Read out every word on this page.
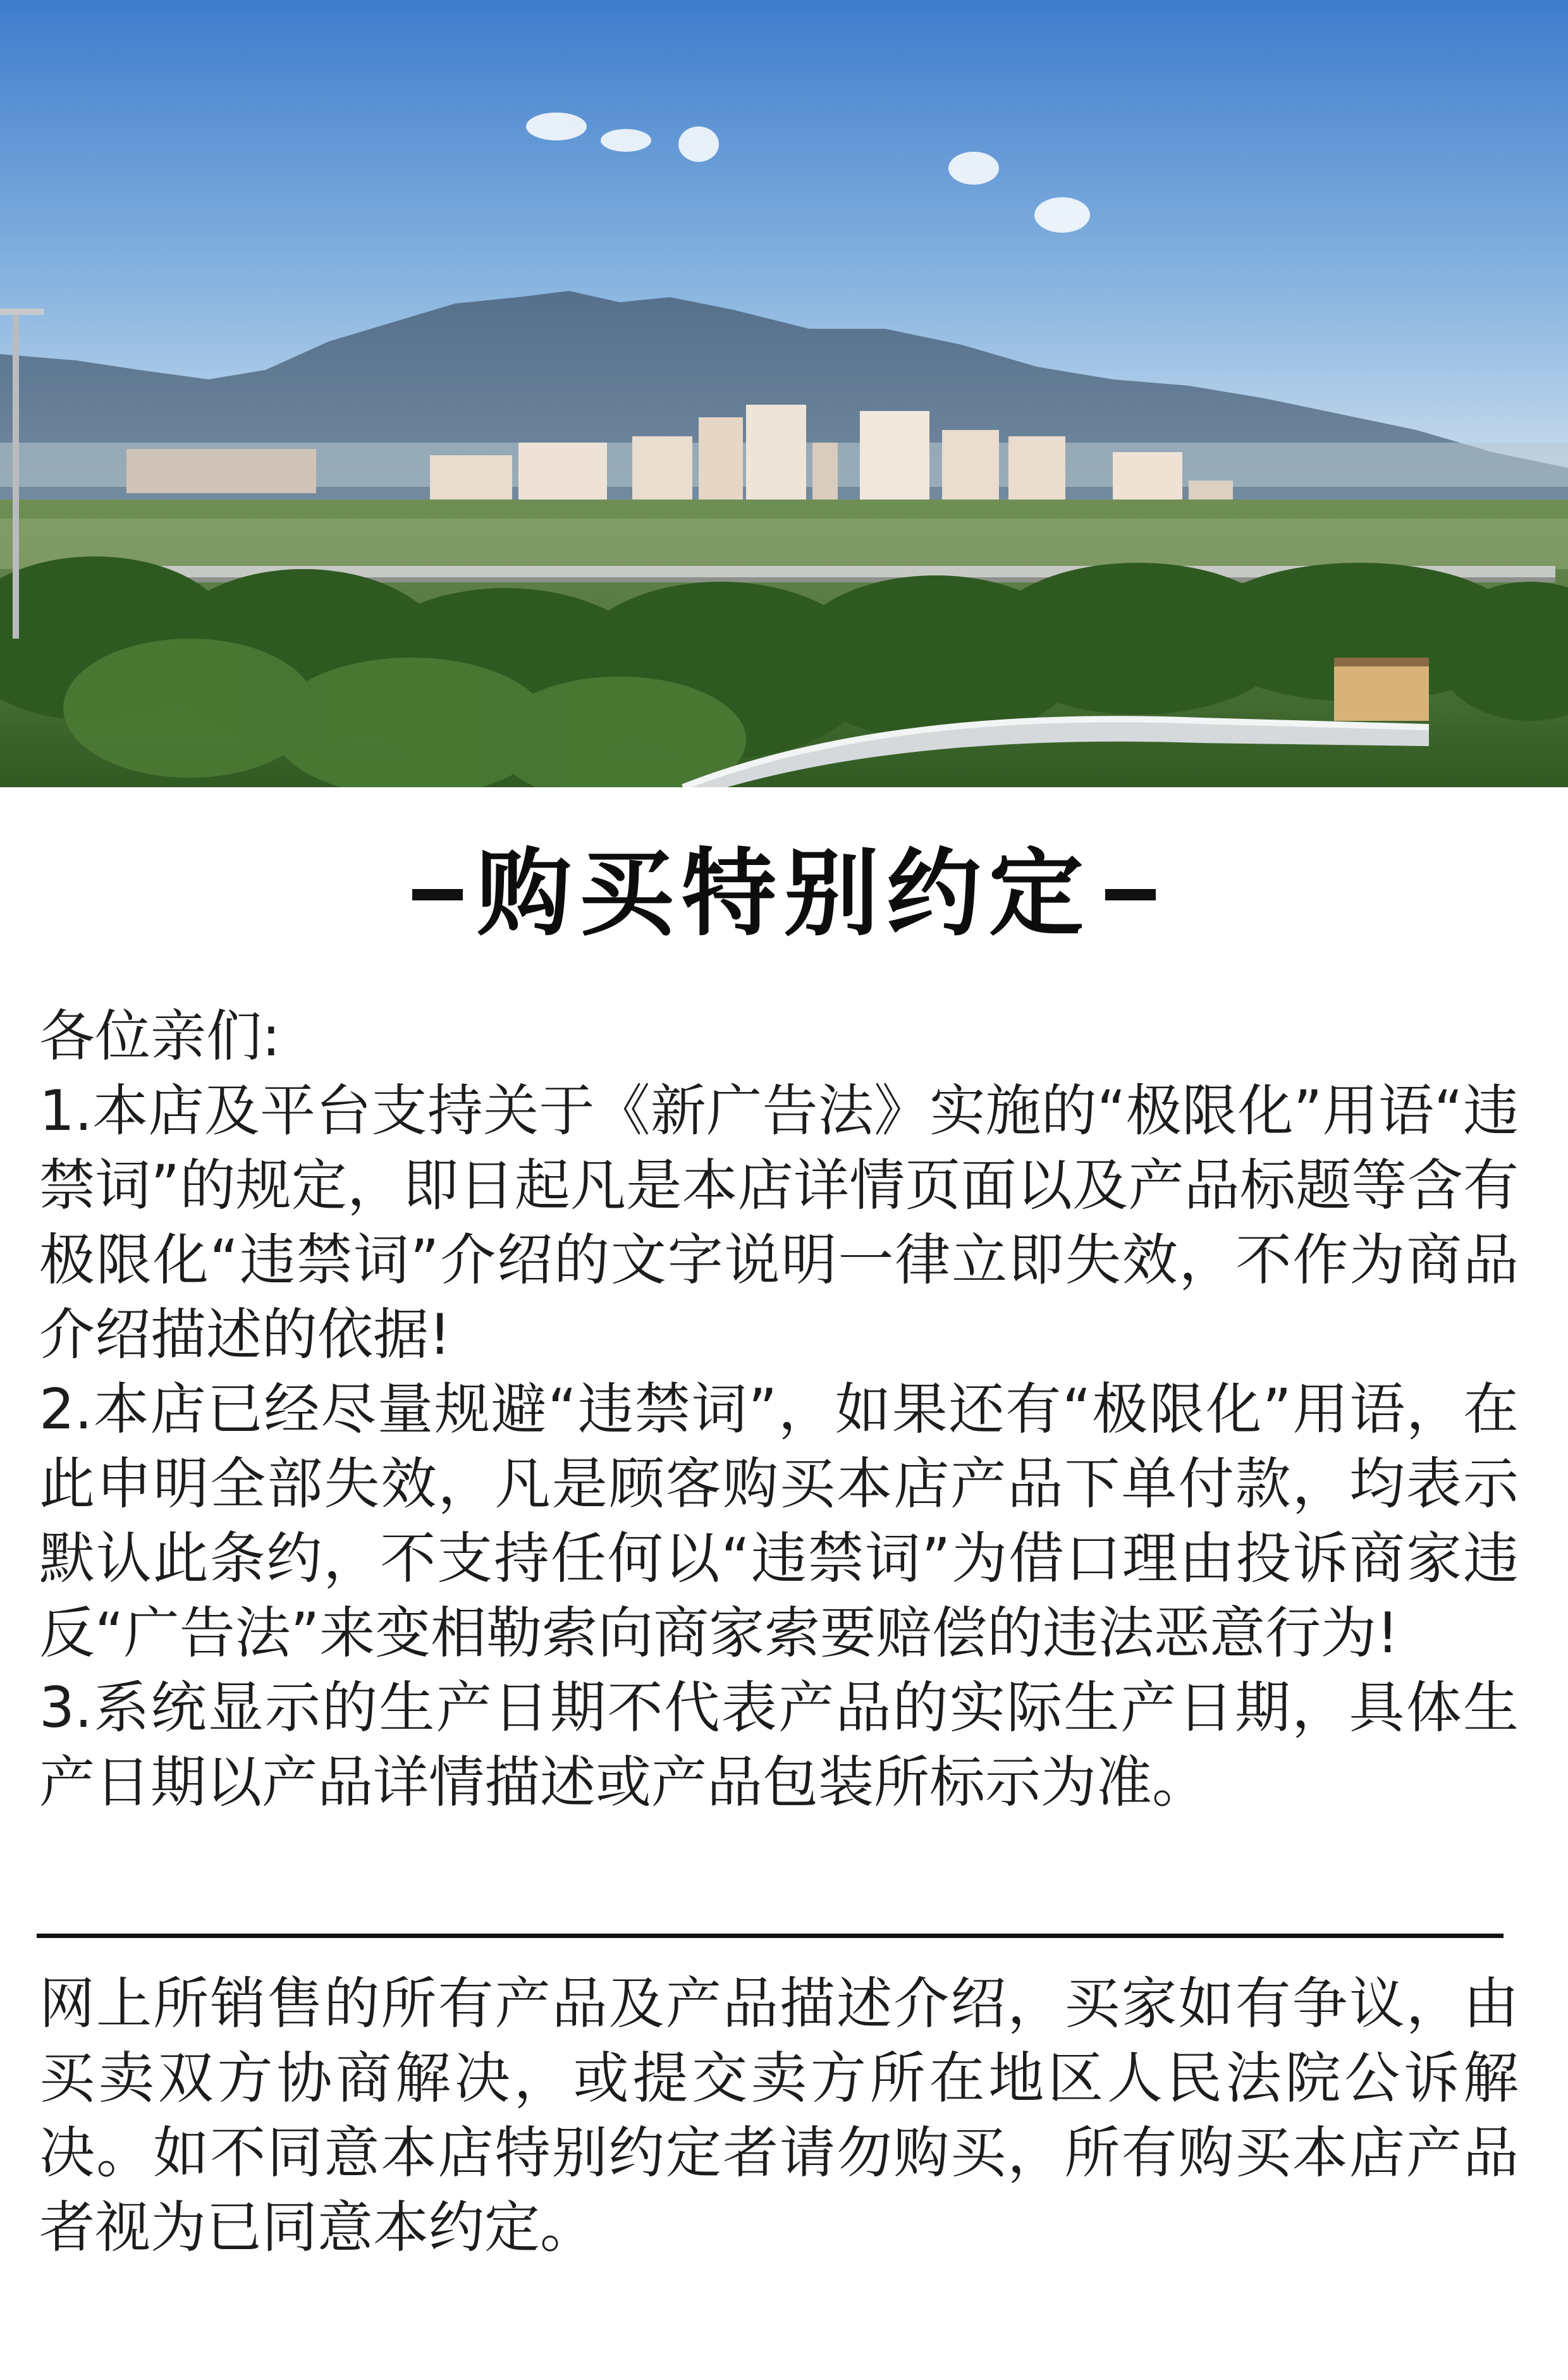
购买特别约定

各位亲们:

1.本店及平台支持关于《新广告法》实施的“极限化”用语“违禁词”的规定，即日起凡是本店详情页面以及产品标题等含有极限化“违禁词”介绍的文字说明一律立即失效，不作为商品介绍描述的依据!

2.本店已经尽量规避“违禁词”，如果还有“极限化”用语，在此申明全部失效，凡是顾客购买本店产品下单付款，均表示默认此条约，不支持任何以“违禁词”为借口理由投诉商家违反“广告法”来变相勒索向商家索要赔偿的违法恶意行为!

3.系统显示的生产日期不代表产品的实际生产日期，具体生产日期以产品详情描述或产品包装所标示为准。

网上所销售的所有产品及产品描述介绍，买家如有争议，由买卖双方协商解决，或提交卖方所在地区人民法院公诉解决。如不同意本店特别约定者请勿购买，所有购买本店产品者视为已同意本约定。
